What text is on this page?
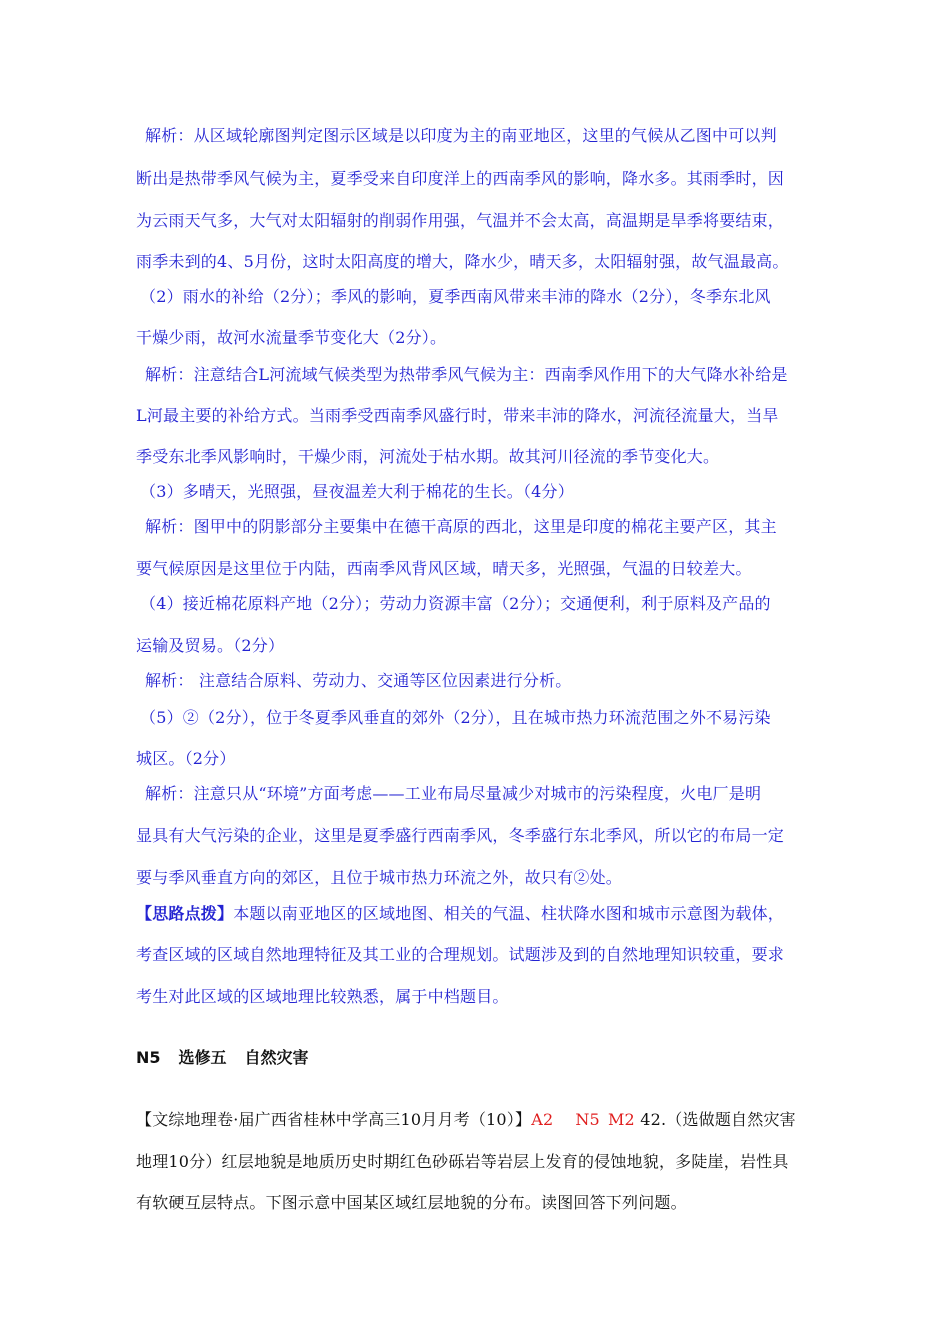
解析：从区域轮廓图判定图示区域是以印度为主的南亚地区，这里的气候从乙图中可以判
断出是热带季风气候为主，夏季受来自印度洋上的西南季风的影响，降水多。其雨季时，因
为云雨天气多，大气对太阳辐射的削弱作用强，气温并不会太高，高温期是旱季将要结束，
雨季未到的4、5月份，这时太阳高度的增大，降水少，晴天多，太阳辐射强，故气温最高。
（2）雨水的补给（2分）；季风的影响，夏季西南风带来丰沛的降水（2分），冬季东北风
干燥少雨，故河水流量季节变化大（2分）。
解析：注意结合L河流域气候类型为热带季风气候为主：西南季风作用下的大气降水补给是
L河最主要的补给方式。当雨季受西南季风盛行时，带来丰沛的降水，河流径流量大，当旱
季受东北季风影响时，干燥少雨，河流处于枯水期。故其河川径流的季节变化大。
（3）多晴天，光照强，昼夜温差大利于棉花的生长。（4分）
解析：图甲中的阴影部分主要集中在德干高原的西北，这里是印度的棉花主要产区，其主
要气候原因是这里位于内陆，西南季风背风区域，晴天多，光照强，气温的日较差大。
（4）接近棉花原料产地（2分）；劳动力资源丰富（2分）；交通便利，利于原料及产品的
运输及贸易。（2分）
解析： 注意结合原料、劳动力、交通等区位因素进行分析。
（5）②（2分），位于冬夏季风垂直的郊外（2分），且在城市热力环流范围之外不易污染
城区。（2分）
解析：注意只从“环境”方面考虑——工业布局尽量减少对城市的污染程度，火电厂是明
显具有大气污染的企业，这里是夏季盛行西南季风，冬季盛行东北季风，所以它的布局一定
要与季风垂直方向的郊区，且位于城市热力环流之外，故只有②处。
【思路点拨】本题以南亚地区的区域地图、相关的气温、柱状降水图和城市示意图为载体，
考查区域的区域自然地理特征及其工业的合理规划。试题涉及到的自然地理知识较重，要求
考生对此区域的区域地理比较熟悉，属于中档题目。
N5 选修五 自然灾害
【文综地理卷·届广西省桂林中学高三10月月考（10）】A2 N5 M2 42.（选做题自然灾害
地理10分）红层地貌是地质历史时期红色砂砾岩等岩层上发育的侵蚀地貌，多陡崖，岩性具
有软硬互层特点。下图示意中国某区域红层地貌的分布。读图回答下列问题。
